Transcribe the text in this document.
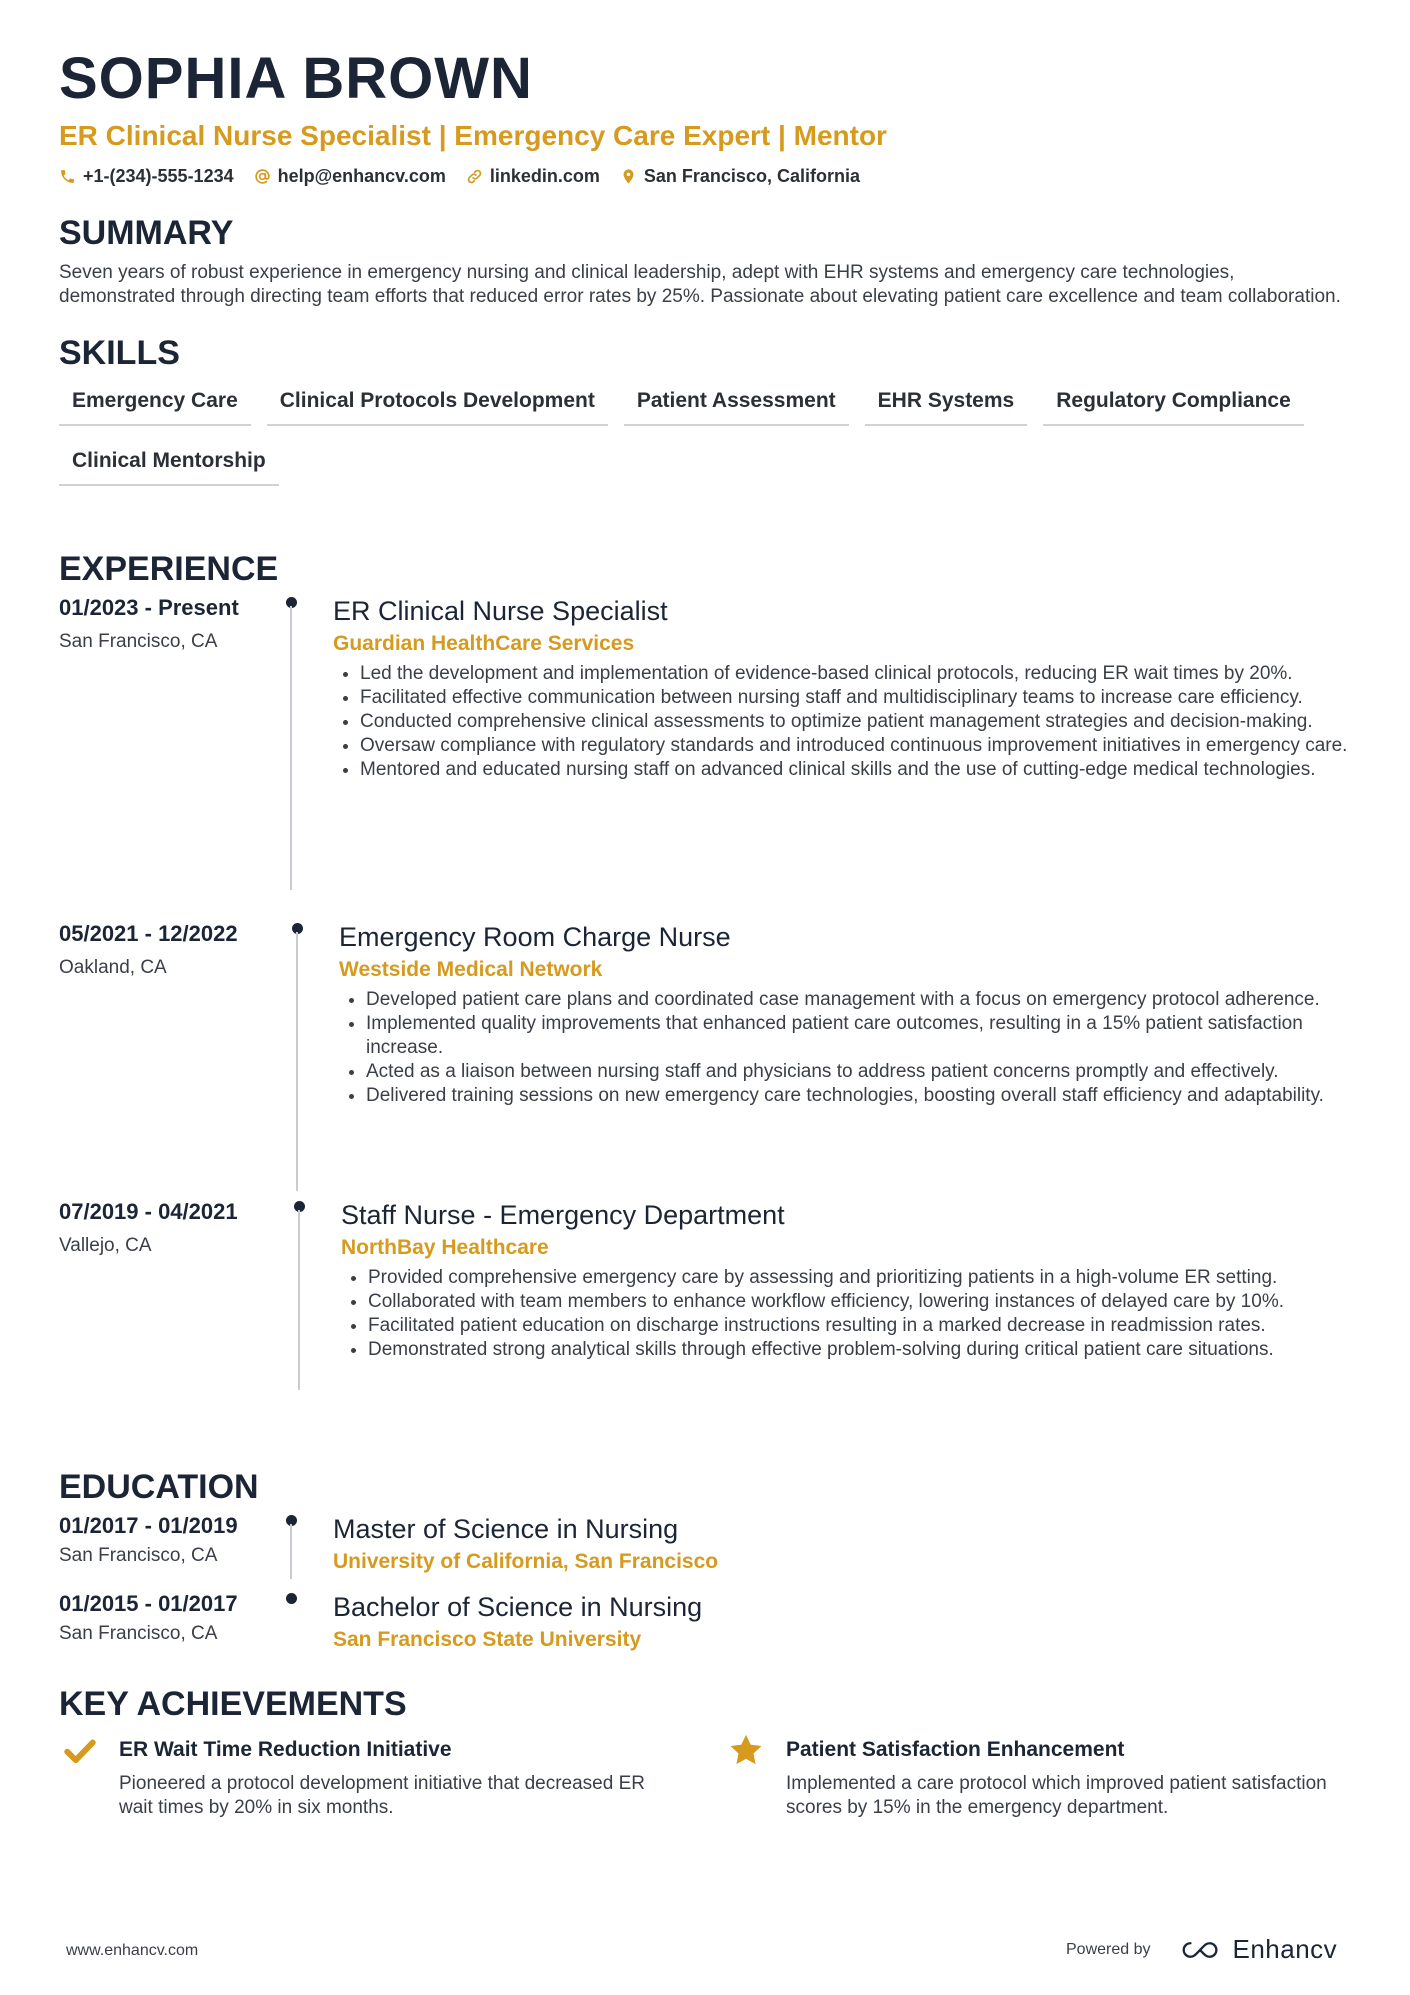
SOPHIA BROWN
ER Clinical Nurse Specialist | Emergency Care Expert | Mentor
+1-(234)-555-1234 help@enhancv.com linkedin.com San Francisco, California
SUMMARY
Seven years of robust experience in emergency nursing and clinical leadership, adept with EHR systems and emergency care technologies, demonstrated through directing team efforts that reduced error rates by 25%. Passionate about elevating patient care excellence and team collaboration.
SKILLS
Emergency Care	Clinical Protocols Development	Patient Assessment	EHR Systems	Regulatory Compliance
Clinical Mentorship
EXPERIENCE
01/2023 - Present
San Francisco, CA
ER Clinical Nurse Specialist
Guardian HealthCare Services
• Led the development and implementation of evidence-based clinical protocols, reducing ER wait times by 20%.
• Facilitated effective communication between nursing staff and multidisciplinary teams to increase care efficiency.
• Conducted comprehensive clinical assessments to optimize patient management strategies and decision-making.
• Oversaw compliance with regulatory standards and introduced continuous improvement initiatives in emergency care.
• Mentored and educated nursing staff on advanced clinical skills and the use of cutting-edge medical technologies.
05/2021 - 12/2022
Oakland, CA
Emergency Room Charge Nurse
Westside Medical Network
• Developed patient care plans and coordinated case management with a focus on emergency protocol adherence.
• Implemented quality improvements that enhanced patient care outcomes, resulting in a 15% patient satisfaction increase.
• Acted as a liaison between nursing staff and physicians to address patient concerns promptly and effectively.
• Delivered training sessions on new emergency care technologies, boosting overall staff efficiency and adaptability.
07/2019 - 04/2021
Vallejo, CA
Staff Nurse - Emergency Department
NorthBay Healthcare
• Provided comprehensive emergency care by assessing and prioritizing patients in a high-volume ER setting.
• Collaborated with team members to enhance workflow efficiency, lowering instances of delayed care by 10%.
• Facilitated patient education on discharge instructions resulting in a marked decrease in readmission rates.
• Demonstrated strong analytical skills through effective problem-solving during critical patient care situations.
EDUCATION
01/2017 - 01/2019
San Francisco, CA
Master of Science in Nursing
University of California, San Francisco
01/2015 - 01/2017
San Francisco, CA
Bachelor of Science in Nursing
San Francisco State University
KEY ACHIEVEMENTS
ER Wait Time Reduction Initiative
Pioneered a protocol development initiative that decreased ER wait times by 20% in six months.
Patient Satisfaction Enhancement
Implemented a care protocol which improved patient satisfaction scores by 15% in the emergency department.
www.enhancv.com	Powered by	Enhancv
